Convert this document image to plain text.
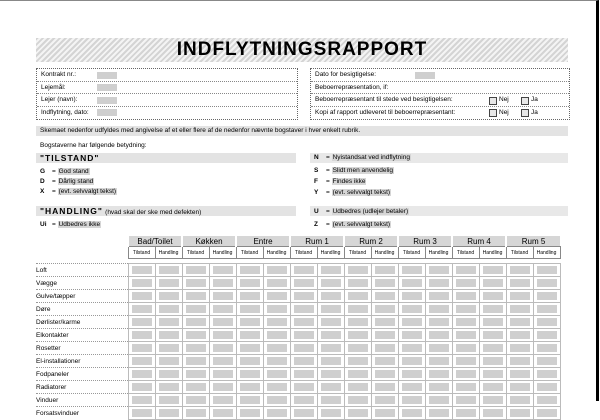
INDFLYTNINGSRAPPORT
Kontrakt nr.:
Lejemål:
Lejer (navn):
Indflytning, dato:
Dato for besigtigelse:
Beboerrepræsentation, if:
Beboerrepræsentant til stede ved besigtigelsen:	Nej	Ja
Kopi af rapport udleveret til beboerrepræsentant:	Nej	Ja
Skemaet nedenfor udfyldes med angivelse af et eller flere af de nedenfor nævnte bogstaver i hver enkelt rubrik.
Bogstaverne har følgende betydning:
"TILSTAND"
G = God stand
D = Dårlig stand
X = (evt. selvvalgt tekst)
N = Nyistandsat ved indflytning
S = Slidt men anvendelig
F = Findes ikke
Y = (evt. selvvalgt tekst)
"HANDLING" (hvad skal der ske med defekten)
Ui = Udbedres ikke
U = Udbedres (udlejer betaler)
Z = (evt. selvvalgt tekst)
	Bad/Toilet		Køkken		Entre		Rum 1		Rum 2		Rum 3		Rum 4		Rum 5	
	Tilstand	Handling	Tilstand	Handling	Tilstand	Handling	Tilstand	Handling	Tilstand	Handling	Tilstand	Handling	Tilstand	Handling	Tilstand	Handling

Loft	

Vægge	

Gulve/tæpper	

Døre	

Dørlister/karme	

Elkontakter	

Rosetter	

El-installationer	

Fodpaneler	

Radiatorer	

Vinduer	

Forsatsvinduer	
